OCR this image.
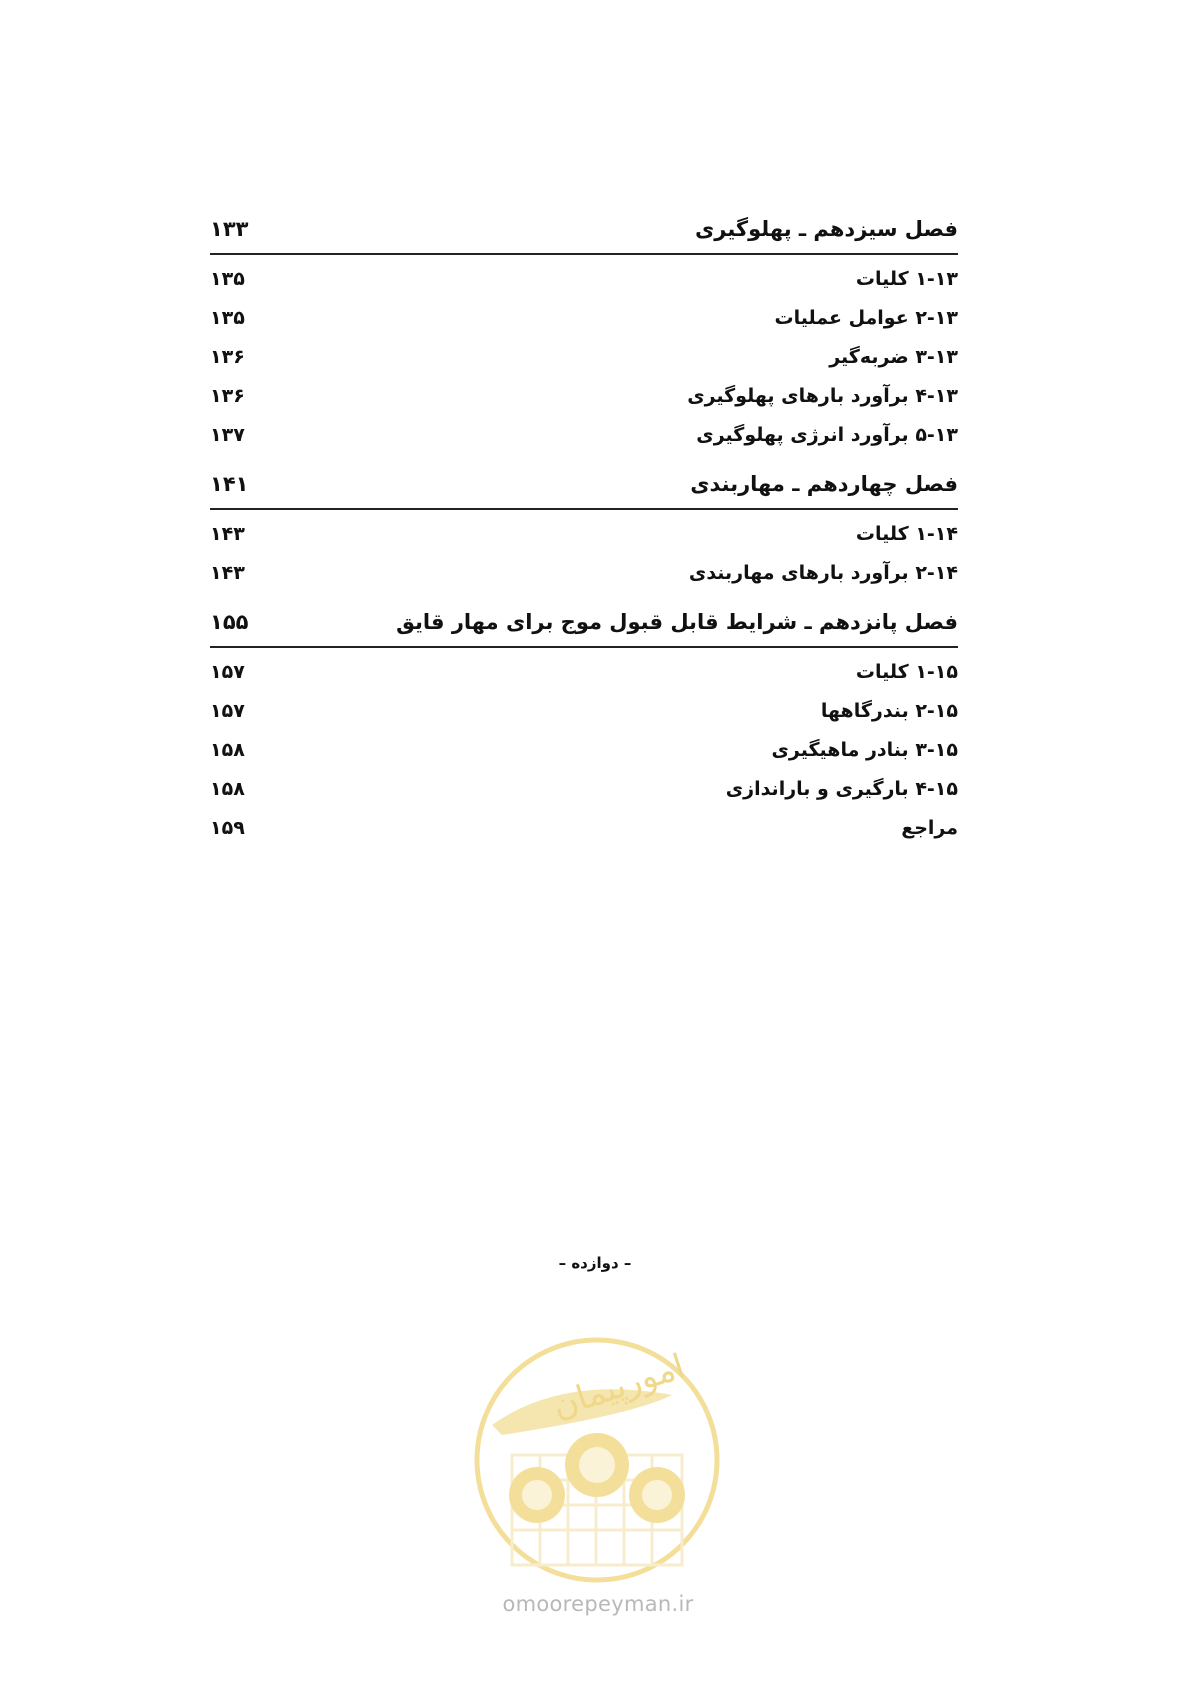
فصل سیزدهم ـ پهلوگیری
۱۳۳
۱-۱۳ کلیات
۱۳۵
۲-۱۳ عوامل عملیات
۱۳۵
۳-۱۳ ضربه‌گیر
۱۳۶
۴-۱۳ برآورد بارهای پهلوگیری
۱۳۶
۵-۱۳ برآورد انرژی پهلوگیری
۱۳۷
فصل چهاردهم ـ مهاربندی
۱۴۱
۱-۱۴ کلیات
۱۴۳
۲-۱۴ برآورد بارهای مهاربندی
۱۴۳
فصل پانزدهم ـ شرایط قابل قبول موج برای مهار قایق
۱۵۵
۱-۱۵ کلیات
۱۵۷
۲-۱۵ بندرگاهها
۱۵۷
۳-۱۵ بنادر ماهیگیری
۱۵۸
۴-۱۵ بارگیری و باراندازی
۱۵۸
مراجع
۱۵۹
– دوازده –
امورپیمان
omoorepeyman.ir
